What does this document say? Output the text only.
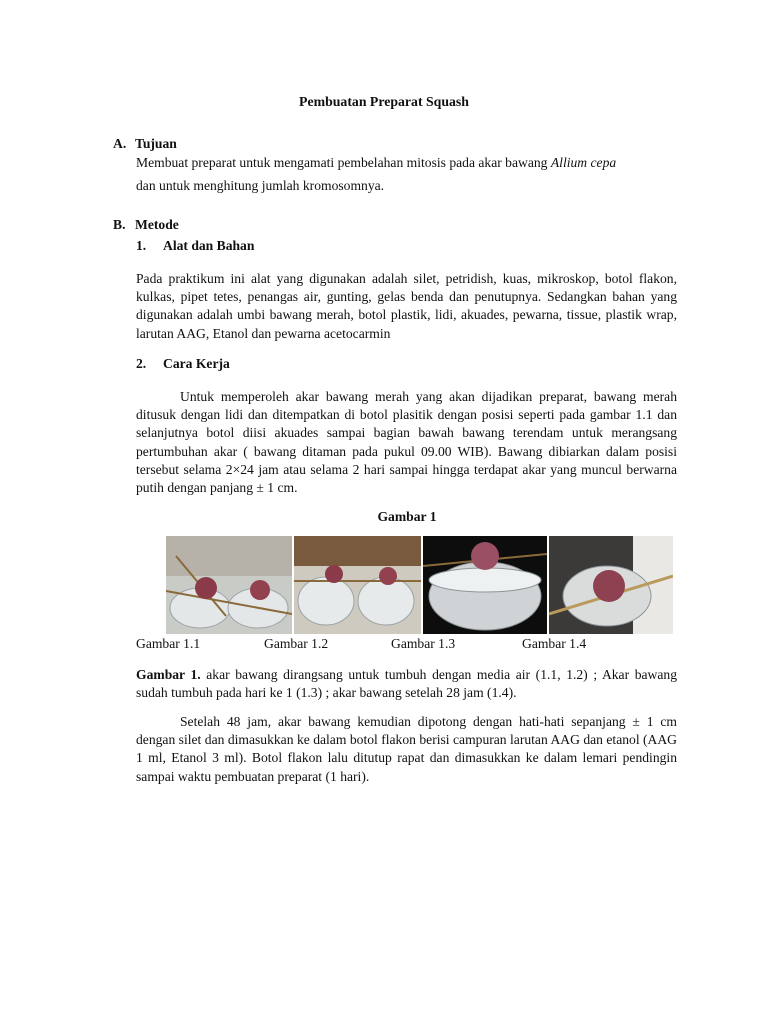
Pembuatan Preparat Squash
A. Tujuan
Membuat preparat untuk mengamati pembelahan mitosis pada akar bawang Allium cepa
dan untuk menghitung jumlah kromosomnya.
B. Metode
1. Alat dan Bahan
Pada praktikum ini alat yang digunakan adalah silet, petridish, kuas, mikroskop, botol flakon, kulkas, pipet tetes, penangas air, gunting, gelas benda dan penutupnya. Sedangkan bahan yang digunakan adalah umbi bawang merah, botol plastik, lidi, akuades, pewarna, tissue, plastik wrap, larutan AAG, Etanol dan pewarna acetocarmin
2. Cara Kerja
Untuk memperoleh akar bawang merah yang akan dijadikan preparat, bawang merah ditusuk dengan lidi dan ditempatkan di botol plasitik dengan posisi seperti pada gambar 1.1 dan selanjutnya botol diisi akuades sampai bagian bawah bawang terendam untuk merangsang pertumbuhan akar ( bawang ditaman pada pukul 09.00 WIB). Bawang dibiarkan dalam posisi tersebut selama 2×24 jam atau selama 2 hari sampai hingga terdapat akar yang muncul berwarna putih dengan panjang ± 1 cm.
Gambar 1
Gambar 1.1	Gambar 1.2	Gambar 1.3	Gambar 1.4
Gambar 1. akar bawang dirangsang untuk tumbuh dengan media air (1.1, 1.2) ; Akar bawang sudah tumbuh pada hari ke 1 (1.3) ; akar bawang setelah 28 jam (1.4).
Setelah 48 jam, akar bawang kemudian dipotong dengan hati-hati sepanjang ± 1 cm dengan silet dan dimasukkan ke dalam botol flakon berisi campuran larutan AAG dan etanol (AAG 1 ml, Etanol 3 ml). Botol flakon lalu ditutup rapat dan dimasukkan ke dalam lemari pendingin sampai waktu pembuatan preparat (1 hari).
